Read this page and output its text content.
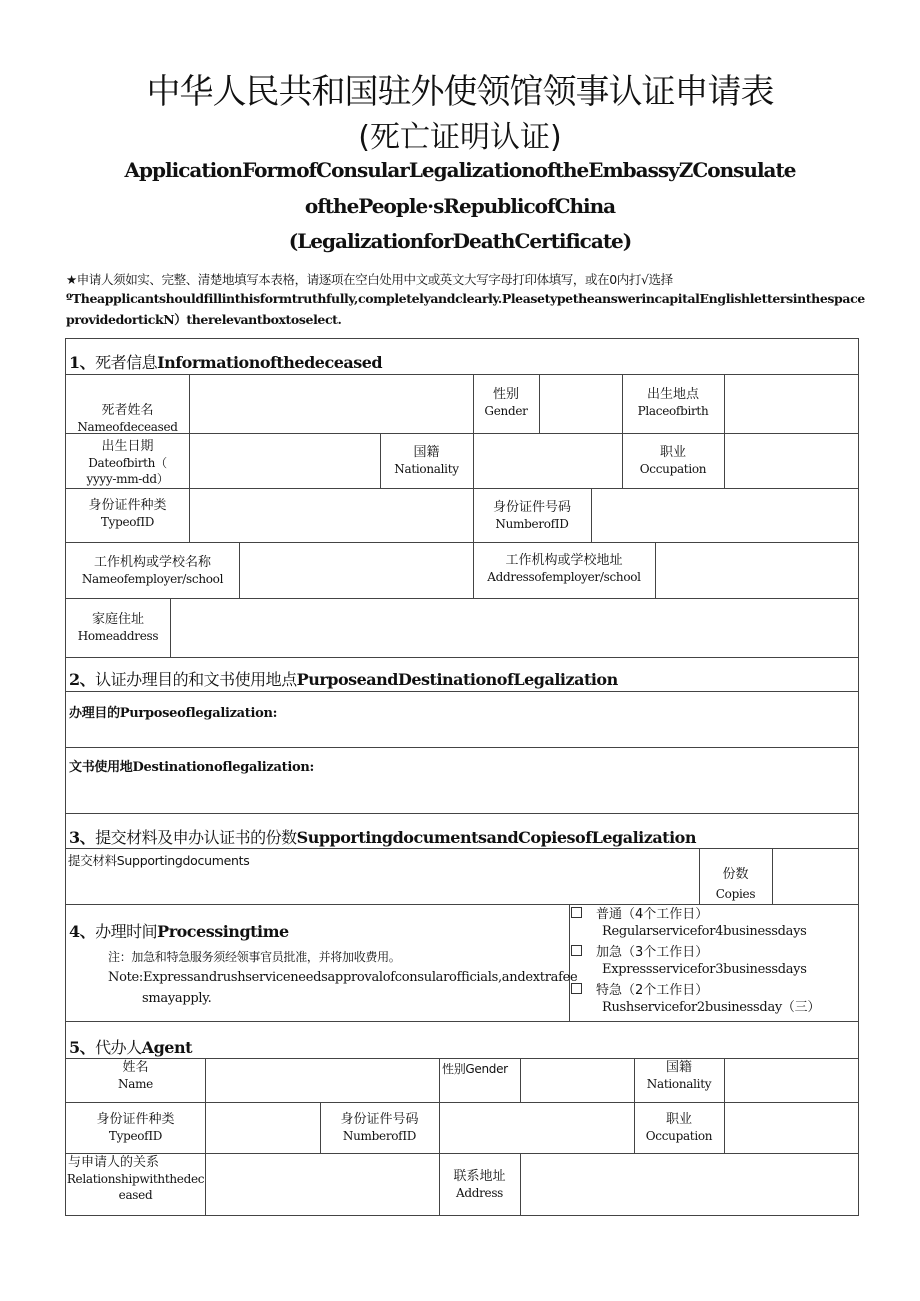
中华人民共和国驻外使领馆领事认证申请表
(死亡证明认证)
ApplicationFormofConsularLegalizationoftheEmbassyZConsulate
ofthePeople·sRepublicofChina
(LegalizationforDeathCertificate)
★申请人须如实、完整、清楚地填写本表格，请逐项在空白处用中文或英文大写字母打印体填写，或在0内打√选择
ºTheapplicantshouldfillinthisformtruthfully,completelyandclearly.PleasetypetheanswerincapitalEnglishlettersinthespace
providedortickN）therelevantboxtoselect.
1、死者信息Informationofthedeceased
死者姓名
Nameofdeceased
性别
Gender
出生地点
Placeofbirth
出生日期
Dateofbirth（
yyyy-mm-dd）
国籍
Nationality
职业
Occupation
身份证件种类
TypeofID
身份证件号码
NumberofID
工作机构或学校名称
Nameofemployer/school
工作机构或学校地址
Addressofemployer/school
家庭住址
Homeaddress
2、认证办理目的和文书使用地点PurposeandDestinationofLegalization
办理目的Purposeoflegalization:
文书使用地Destinationoflegalization:
3、提交材料及申办认证书的份数SupportingdocumentsandCopiesofLegalization
提交材料Supportingdocuments
份数
Copies
4、办理时间Processingtime
注：加急和特急服务须经领事官员批准，并将加收费用。
Note:Expressandrushserviceneedsapprovalofconsularofficials,andextrafee
smayapply.
普通（4个工作日）
Regularservicefor4businessdays
加急（3个工作日）
Expressservicefor3businessdays
特急（2个工作日）
Rushservicefor2businessday（三）
5、代办人Agent
姓名
Name
性别Gender	国籍
Nationality
身份证件种类
TypeofID
身份证件号码
NumberofID
职业
Occupation
与申请人的关系
Relationshipwiththedec
eased
联系地址
Address
